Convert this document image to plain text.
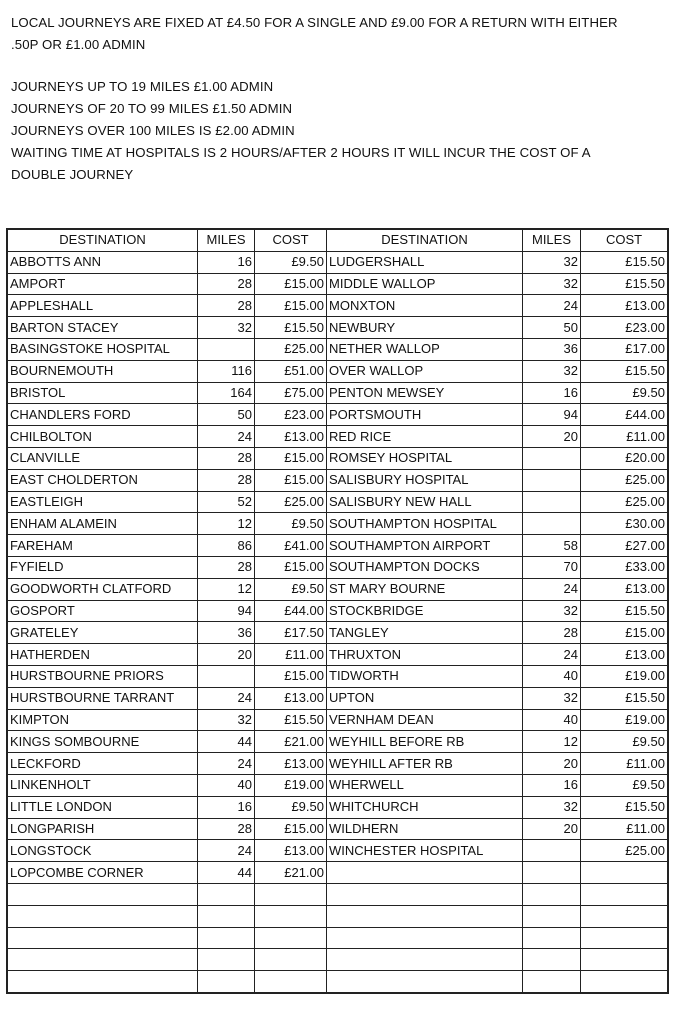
LOCAL JOURNEYS ARE FIXED AT £4.50 FOR A SINGLE AND £9.00 FOR A RETURN WITH EITHER

.50P OR £1.00 ADMIN

JOURNEYS UP TO 19 MILES £1.00 ADMIN

JOURNEYS OF 20 TO 99 MILES £1.50 ADMIN

JOURNEYS OVER 100 MILES IS £2.00 ADMIN

WAITING TIME AT HOSPITALS IS 2 HOURS/AFTER 2 HOURS IT WILL INCUR THE COST OF A

DOUBLE JOURNEY

DESTINATION	MILES	COST	DESTINATION	MILES	COST
ABBOTTS ANN	16	£9.50	LUDGERSHALL	32	£15.50
AMPORT	28	£15.00	MIDDLE WALLOP	32	£15.50
APPLESHALL	28	£15.00	MONXTON	24	£13.00
BARTON STACEY	32	£15.50	NEWBURY	50	£23.00
BASINGSTOKE HOSPITAL		£25.00	NETHER WALLOP	36	£17.00
BOURNEMOUTH	116	£51.00	OVER WALLOP	32	£15.50
BRISTOL	164	£75.00	PENTON MEWSEY	16	£9.50
CHANDLERS FORD	50	£23.00	PORTSMOUTH	94	£44.00
CHILBOLTON	24	£13.00	RED RICE	20	£11.00
CLANVILLE	28	£15.00	ROMSEY HOSPITAL		£20.00
EAST CHOLDERTON	28	£15.00	SALISBURY HOSPITAL		£25.00
EASTLEIGH	52	£25.00	SALISBURY NEW HALL		£25.00
ENHAM ALAMEIN	12	£9.50	SOUTHAMPTON HOSPITAL		£30.00
FAREHAM	86	£41.00	SOUTHAMPTON AIRPORT	58	£27.00
FYFIELD	28	£15.00	SOUTHAMPTON DOCKS	70	£33.00
GOODWORTH CLATFORD	12	£9.50	ST MARY BOURNE	24	£13.00
GOSPORT	94	£44.00	STOCKBRIDGE	32	£15.50
GRATELEY	36	£17.50	TANGLEY	28	£15.00
HATHERDEN	20	£11.00	THRUXTON	24	£13.00
HURSTBOURNE PRIORS		£15.00	TIDWORTH	40	£19.00
HURSTBOURNE TARRANT	24	£13.00	UPTON	32	£15.50
KIMPTON	32	£15.50	VERNHAM DEAN	40	£19.00
KINGS SOMBOURNE	44	£21.00	WEYHILL BEFORE RB	12	£9.50
LECKFORD	24	£13.00	WEYHILL AFTER RB	20	£11.00
LINKENHOLT	40	£19.00	WHERWELL	16	£9.50
LITTLE LONDON	16	£9.50	WHITCHURCH	32	£15.50
LONGPARISH	28	£15.00	WILDHERN	20	£11.00
LONGSTOCK	24	£13.00	WINCHESTER HOSPITAL		£25.00
LOPCOMBE CORNER	44	£21.00			
